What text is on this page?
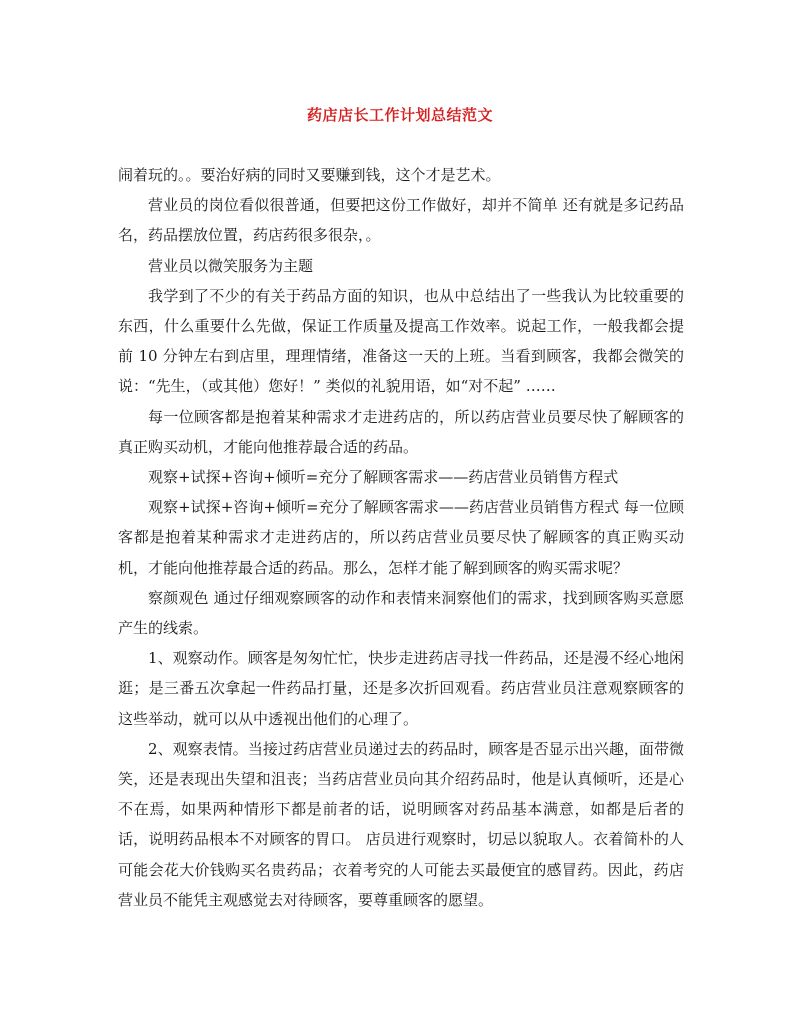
药店店长工作计划总结范文

闹着玩的。。要治好病的同时又要赚到钱，这个才是艺术。

营业员的岗位看似很普通，但要把这份工作做好，却并不简单 还有就是多记药品名，药品摆放位置，药店药很多很杂，。

营业员以微笑服务为主题

我学到了不少的有关于药品方面的知识，也从中总结出了一些我认为比较重要的东西，什么重要什么先做，保证工作质量及提高工作效率。说起工作，一般我都会提前 10 分钟左右到店里，理理情绪，准备这一天的上班。当看到顾客，我都会微笑的说：“先生，（或其他）您好！” 类似的礼貌用语，如“对不起” ……

每一位顾客都是抱着某种需求才走进药店的，所以药店营业员要尽快了解顾客的真正购买动机，才能向他推荐最合适的药品。

观察+试探+咨询+倾听=充分了解顾客需求——药店营业员销售方程式

观察+试探+咨询+倾听=充分了解顾客需求——药店营业员销售方程式 每一位顾客都是抱着某种需求才走进药店的，所以药店营业员要尽快了解顾客的真正购买动机，才能向他推荐最合适的药品。那么，怎样才能了解到顾客的购买需求呢？

察颜观色 通过仔细观察顾客的动作和表情来洞察他们的需求，找到顾客购买意愿产生的线索。

1、观察动作。顾客是匆匆忙忙，快步走进药店寻找一件药品，还是漫不经心地闲逛；是三番五次拿起一件药品打量，还是多次折回观看。药店营业员注意观察顾客的这些举动，就可以从中透视出他们的心理了。

2、观察表情。当接过药店营业员递过去的药品时，顾客是否显示出兴趣，面带微笑，还是表现出失望和沮丧；当药店营业员向其介绍药品时，他是认真倾听，还是心不在焉，如果两种情形下都是前者的话，说明顾客对药品基本满意，如都是后者的话，说明药品根本不对顾客的胃口。 店员进行观察时，切忌以貌取人。衣着简朴的人可能会花大价钱购买名贵药品；衣着考究的人可能去买最便宜的感冒药。因此，药店营业员不能凭主观感觉去对待顾客，要尊重顾客的愿望。
